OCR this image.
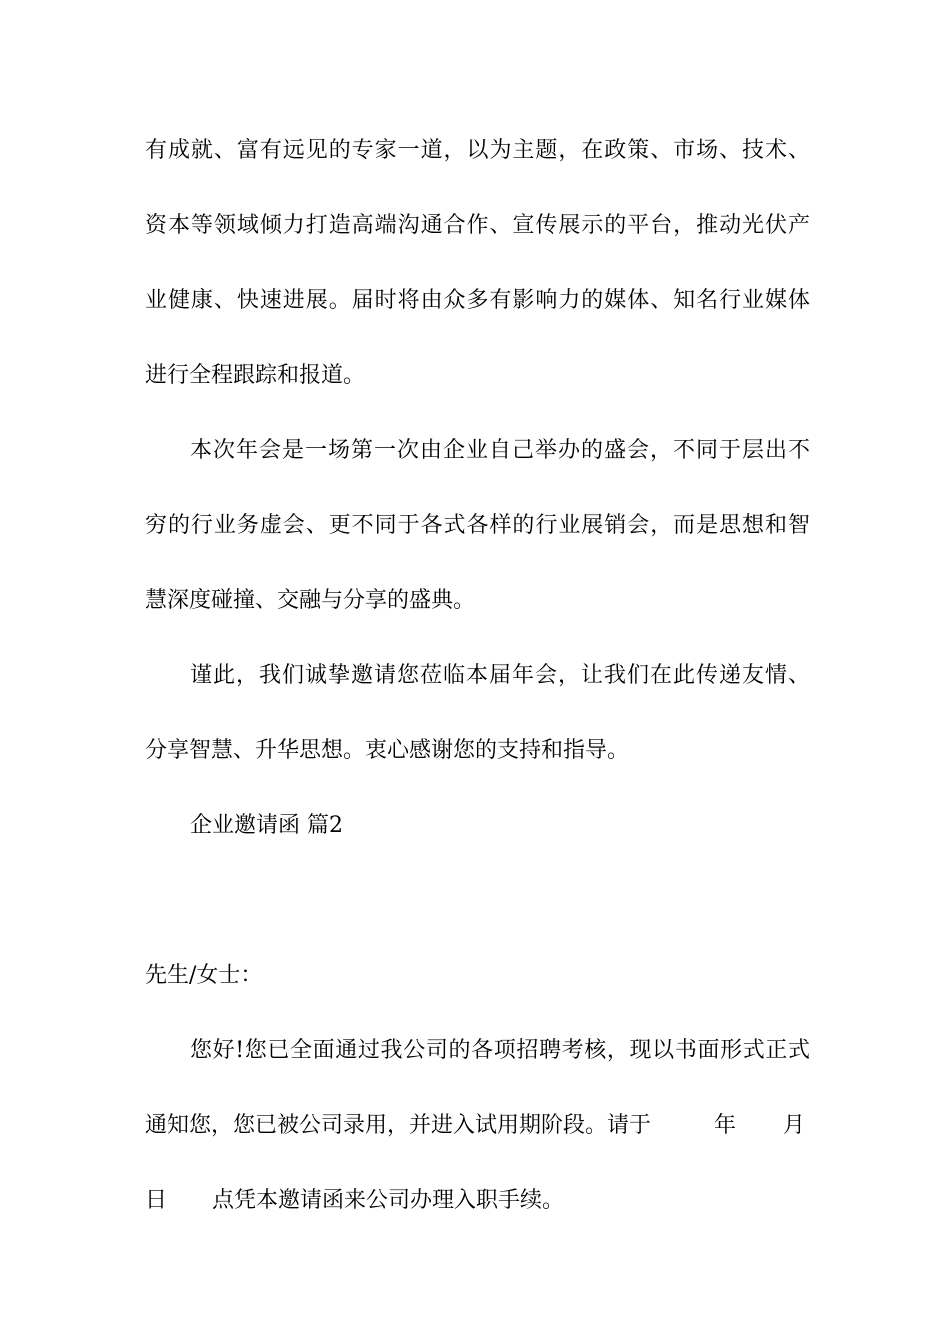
有成就、富有远见的专家一道，以为主题，在政策、市场、技术、
资本等领域倾力打造高端沟通合作、宣传展示的平台，推动光伏产
业健康、快速进展。届时将由众多有影响力的媒体、知名行业媒体
进行全程跟踪和报道。
本次年会是一场第一次由企业自己举办的盛会，不同于层出不
穷的行业务虚会、更不同于各式各样的行业展销会，而是思想和智
慧深度碰撞、交融与分享的盛典。
谨此，我们诚挚邀请您莅临本届年会，让我们在此传递友情、
分享智慧、升华思想。衷心感谢您的支持和指导。
企业邀请函 篇2
先生/女士：
您好!您已全面通过我公司的各项招聘考核，现以书面形式正式
通知您，您已被公司录用，并进入试用期阶段。请于	年 月
日 点凭本邀请函来公司办理入职手续。
